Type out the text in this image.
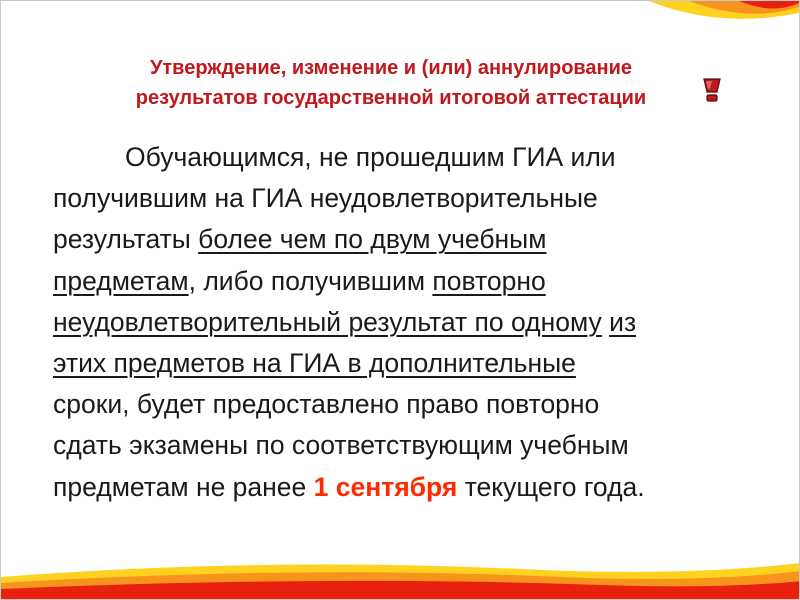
Утверждение, изменение и (или) аннулирование
результатов государственной итоговой аттестации
Обучающимся, не прошедшим ГИА или
получившим на ГИА неудовлетворительные
результаты более чем по двум учебным
предметам, либо получившим повторно
неудовлетворительный результат по одному из
этих предметов на ГИА в дополнительные
сроки, будет предоставлено право повторно
сдать экзамены по соответствующим учебным
предметам не ранее 1 сентября текущего года.
